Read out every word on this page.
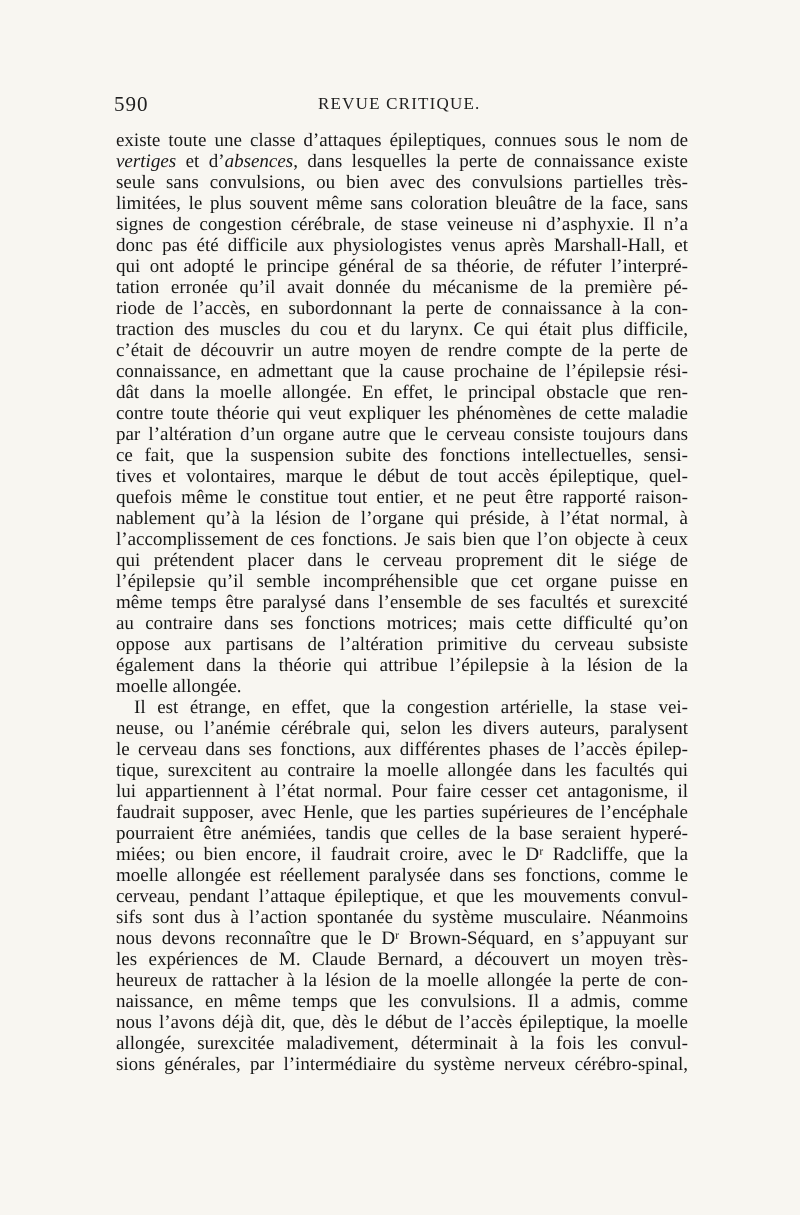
590	REVUE CRITIQUE.
existe toute une classe d’attaques épileptiques, connues sous le nom de
vertiges et d’absences, dans lesquelles la perte de connaissance existe
seule sans convulsions, ou bien avec des convulsions partielles très-
limitées, le plus souvent même sans coloration bleuâtre de la face, sans
signes de congestion cérébrale, de stase veineuse ni d’asphyxie. Il n’a
donc pas été difficile aux physiologistes venus après Marshall-Hall, et
qui ont adopté le principe général de sa théorie, de réfuter l’interpré-
tation erronée qu’il avait donnée du mécanisme de la première pé-
riode de l’accès, en subordonnant la perte de connaissance à la con-
traction des muscles du cou et du larynx. Ce qui était plus difficile,
c’était de découvrir un autre moyen de rendre compte de la perte de
connaissance, en admettant que la cause prochaine de l’épilepsie rési-
dât dans la moelle allongée. En effet, le principal obstacle que ren-
contre toute théorie qui veut expliquer les phénomènes de cette maladie
par l’altération d’un organe autre que le cerveau consiste toujours dans
ce fait, que la suspension subite des fonctions intellectuelles, sensi-
tives et volontaires, marque le début de tout accès épileptique, quel-
quefois même le constitue tout entier, et ne peut être rapporté raison-
nablement qu’à la lésion de l’organe qui préside, à l’état normal, à
l’accomplissement de ces fonctions. Je sais bien que l’on objecte à ceux
qui prétendent placer dans le cerveau proprement dit le siége de
l’épilepsie qu’il semble incompréhensible que cet organe puisse en
même temps être paralysé dans l’ensemble de ses facultés et surexcité
au contraire dans ses fonctions motrices; mais cette difficulté qu’on
oppose aux partisans de l’altération primitive du cerveau subsiste
également dans la théorie qui attribue l’épilepsie à la lésion de la
moelle allongée.
Il est étrange, en effet, que la congestion artérielle, la stase vei-
neuse, ou l’anémie cérébrale qui, selon les divers auteurs, paralysent
le cerveau dans ses fonctions, aux différentes phases de l’accès épilep-
tique, surexcitent au contraire la moelle allongée dans les facultés qui
lui appartiennent à l’état normal. Pour faire cesser cet antagonisme, il
faudrait supposer, avec Henle, que les parties supérieures de l’encéphale
pourraient être anémiées, tandis que celles de la base seraient hyperé-
miées; ou bien encore, il faudrait croire, avec le Dʳ Radcliffe, que la
moelle allongée est réellement paralysée dans ses fonctions, comme le
cerveau, pendant l’attaque épileptique, et que les mouvements convul-
sifs sont dus à l’action spontanée du système musculaire. Néanmoins
nous devons reconnaître que le Dʳ Brown-Séquard, en s’appuyant sur
les expériences de M. Claude Bernard, a découvert un moyen très-
heureux de rattacher à la lésion de la moelle allongée la perte de con-
naissance, en même temps que les convulsions. Il a admis, comme
nous l’avons déjà dit, que, dès le début de l’accès épileptique, la moelle
allongée, surexcitée maladivement, déterminait à la fois les convul-
sions générales, par l’intermédiaire du système nerveux cérébro-spinal,
